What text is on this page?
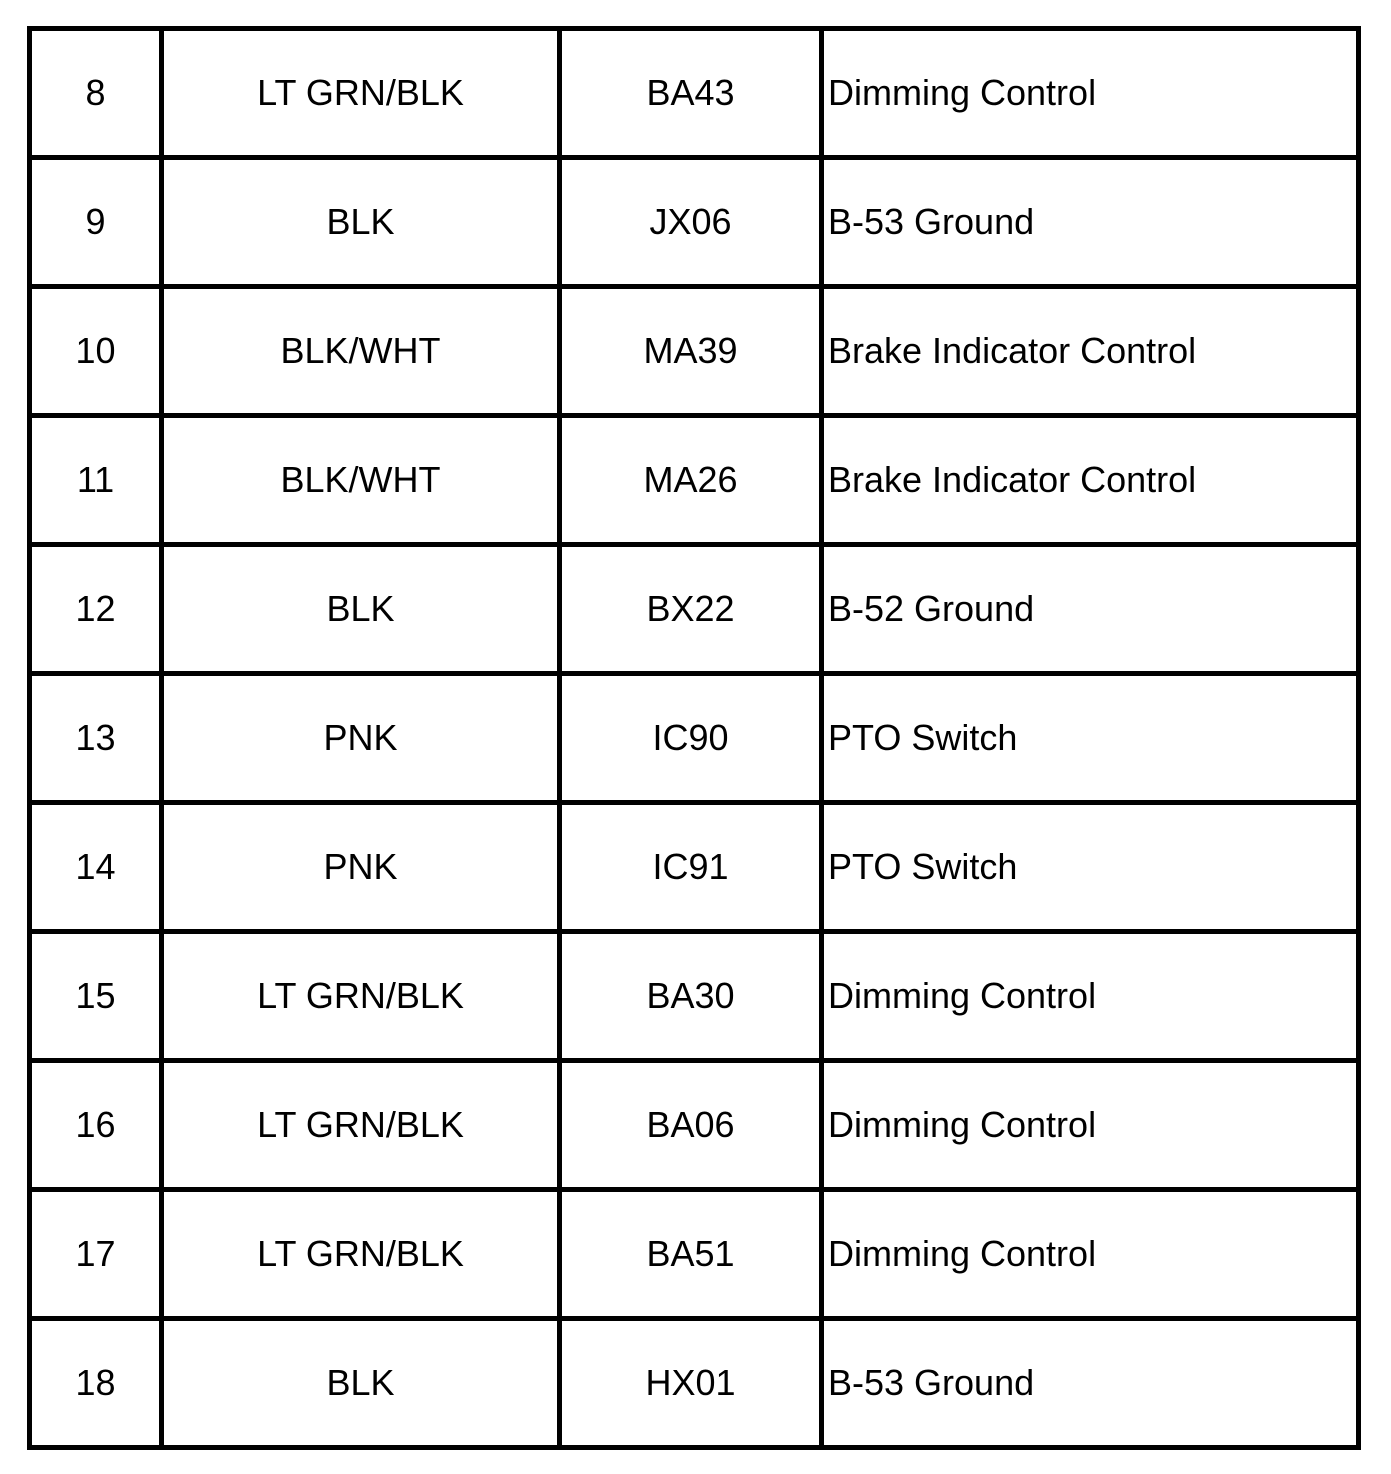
8	LT GRN/BLK	BA43	Dimming Control
9	BLK	JX06	B-53 Ground
10	BLK/WHT	MA39	Brake Indicator Control
11	BLK/WHT	MA26	Brake Indicator Control
12	BLK	BX22	B-52 Ground
13	PNK	IC90	PTO Switch
14	PNK	IC91	PTO Switch
15	LT GRN/BLK	BA30	Dimming Control
16	LT GRN/BLK	BA06	Dimming Control
17	LT GRN/BLK	BA51	Dimming Control
18	BLK	HX01	B-53 Ground
